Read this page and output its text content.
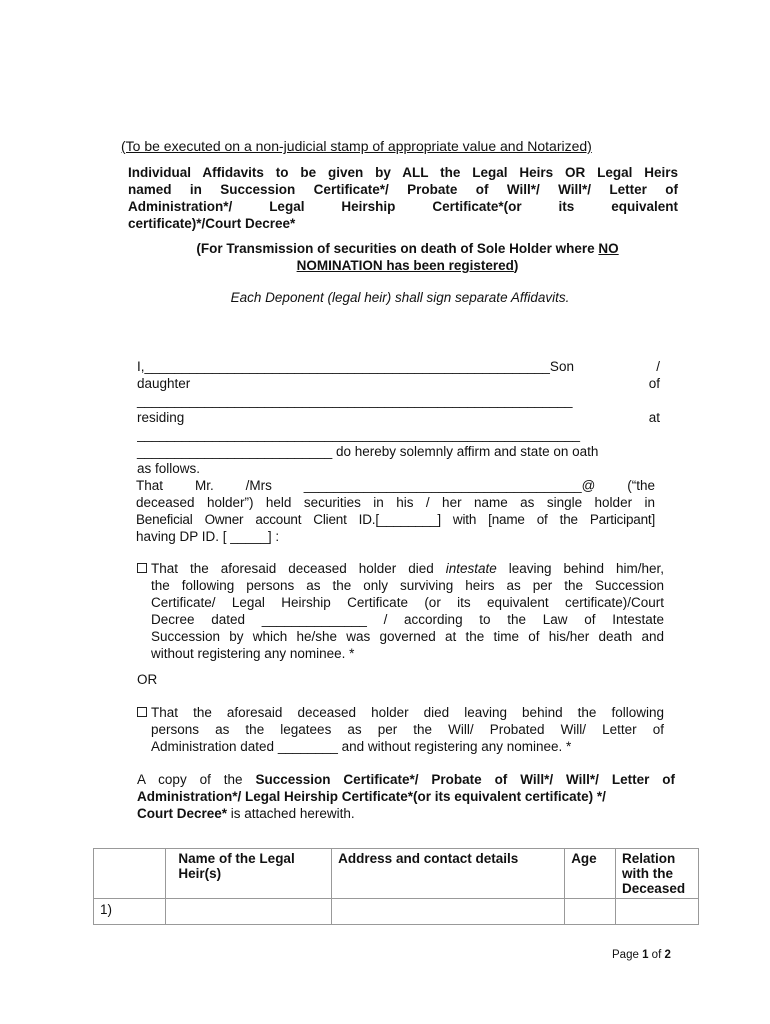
(To be executed on a non-judicial stamp of appropriate value and Notarized)
Individual Affidavits to be given by ALL the Legal Heirs OR Legal Heirs
named in Succession Certificate*/ Probate of Will*/ Will*/ Letter of
Administration*/ Legal Heirship Certificate*(or its equivalent
certificate)*/Court Decree*
(For Transmission of securities on death of Sole Holder where NO
NOMINATION has been registered)
Each Deponent (legal heir) shall sign separate Affidavits.
I,______________________________________________________Son	/
daughter	of
__________________________________________________________
residing	at
___________________________________________________________
__________________________ do hereby solemnly affirm and state on oath
as follows.
That Mr. /Mrs _____________________________________@ (“the
deceased holder”) held securities in his / her name as single holder in
Beneficial Owner account Client ID.[________] with [name of the Participant]
having DP ID. [ _____] :
That the aforesaid deceased holder died intestate leaving behind him/her,
the following persons as the only surviving heirs as per the Succession
Certificate/ Legal Heirship Certificate (or its equivalent certificate)/Court
Decree dated ______________ / according to the Law of Intestate
Succession by which he/she was governed at the time of his/her death and
without registering any nominee. *
OR
That the aforesaid deceased holder died leaving behind the following
persons as the legatees as per the Will/ Probated Will/ Letter of
Administration dated ________ and without registering any nominee. *
A copy of the Succession Certificate*/ Probate of Will*/ Will*/ Letter of
Administration*/ Legal Heirship Certificate*(or its equivalent certificate) */
Court Decree* is attached herewith.
	Name of the Legal Heir(s)	Address and contact details	Age	Relation with the Deceased
1)				
Page 1 of 2
